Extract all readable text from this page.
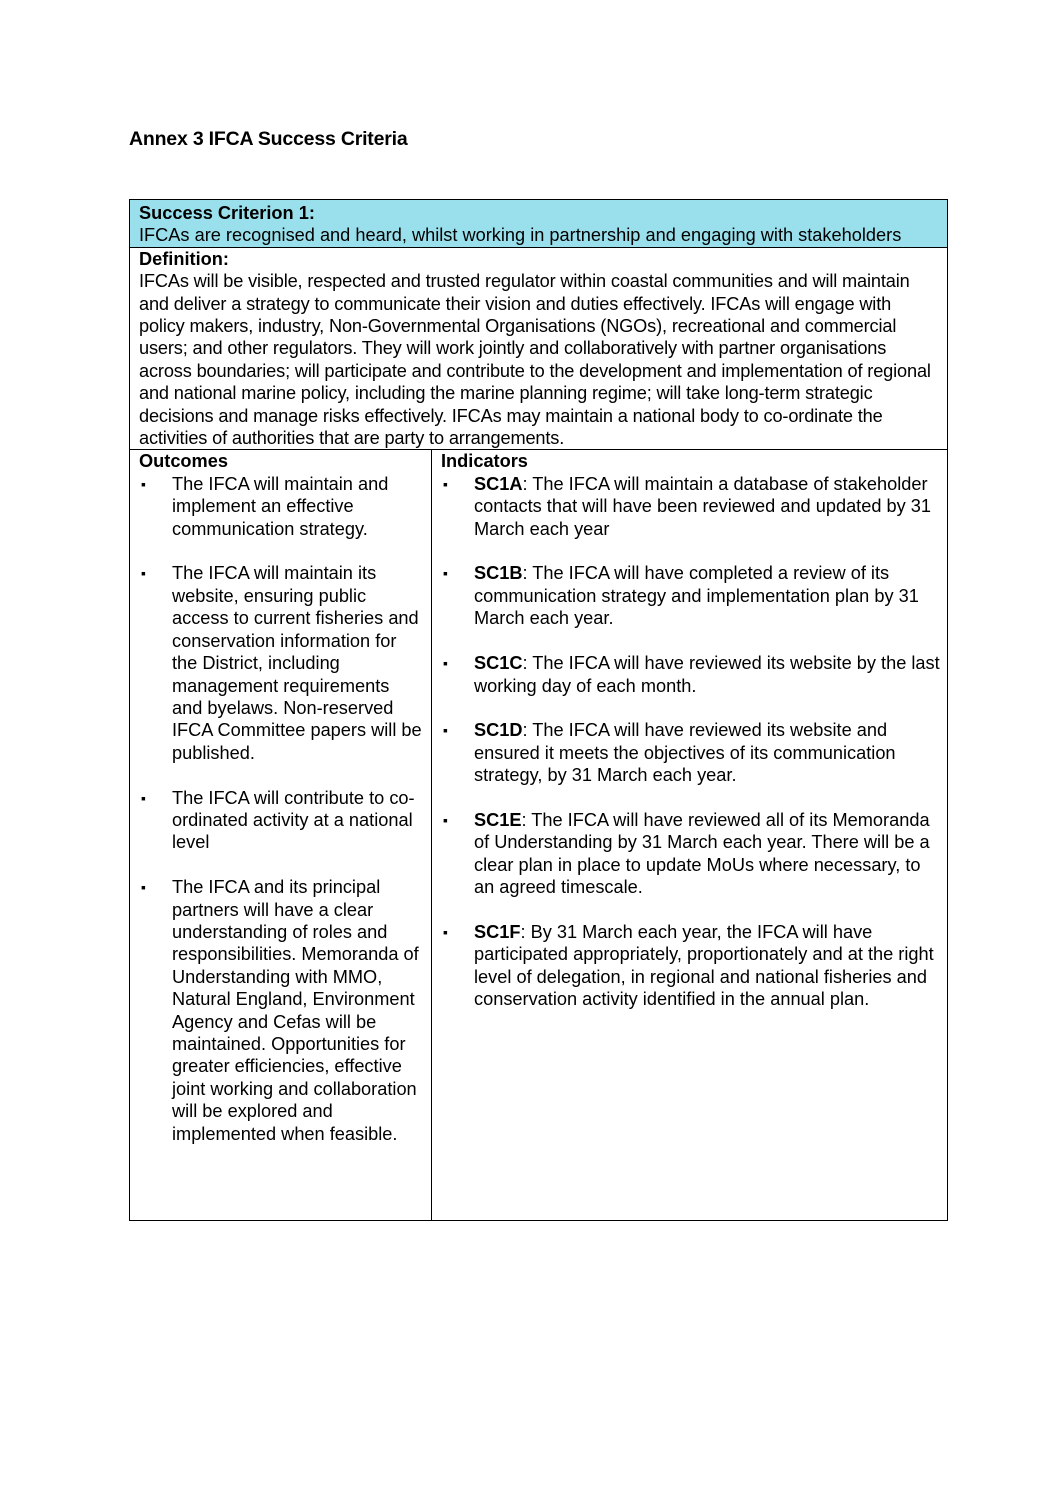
Annex 3 IFCA Success Criteria
Success Criterion 1:
IFCAs are recognised and heard, whilst working in partnership and engaging with stakeholders

Definition:
IFCAs will be visible, respected and trusted regulator within coastal communities and will maintain and deliver a strategy to communicate their vision and duties effectively. IFCAs will engage with policy makers, industry, Non-Governmental Organisations (NGOs), recreational and commercial users; and other regulators. They will work jointly and collaboratively with partner organisations across boundaries; will participate and contribute to the development and implementation of regional and national marine policy, including the marine planning regime; will take long-term strategic decisions and manage risks effectively. IFCAs may maintain a national body to co-ordinate the activities of authorities that are party to arrangements.

Outcomes
▪ The IFCA will maintain and implement an effective communication strategy.
▪ The IFCA will maintain its website, ensuring public access to current fisheries and conservation information for the District, including management requirements and byelaws. Non-reserved IFCA Committee papers will be published.
▪ The IFCA will contribute to co-ordinated activity at a national level
▪ The IFCA and its principal partners will have a clear understanding of roles and responsibilities. Memoranda of Understanding with MMO, Natural England, Environment Agency and Cefas will be maintained. Opportunities for greater efficiencies, effective joint working and collaboration will be explored and implemented when feasible.

Indicators
▪ SC1A: The IFCA will maintain a database of stakeholder contacts that will have been reviewed and updated by 31 March each year
▪ SC1B: The IFCA will have completed a review of its communication strategy and implementation plan by 31 March each year.
▪ SC1C: The IFCA will have reviewed its website by the last working day of each month.
▪ SC1D: The IFCA will have reviewed its website and ensured it meets the objectives of its communication strategy, by 31 March each year.
▪ SC1E: The IFCA will have reviewed all of its Memoranda of Understanding by 31 March each year. There will be a clear plan in place to update MoUs where necessary, to an agreed timescale.
▪ SC1F: By 31 March each year, the IFCA will have participated appropriately, proportionately and at the right level of delegation, in regional and national fisheries and conservation activity identified in the annual plan.
